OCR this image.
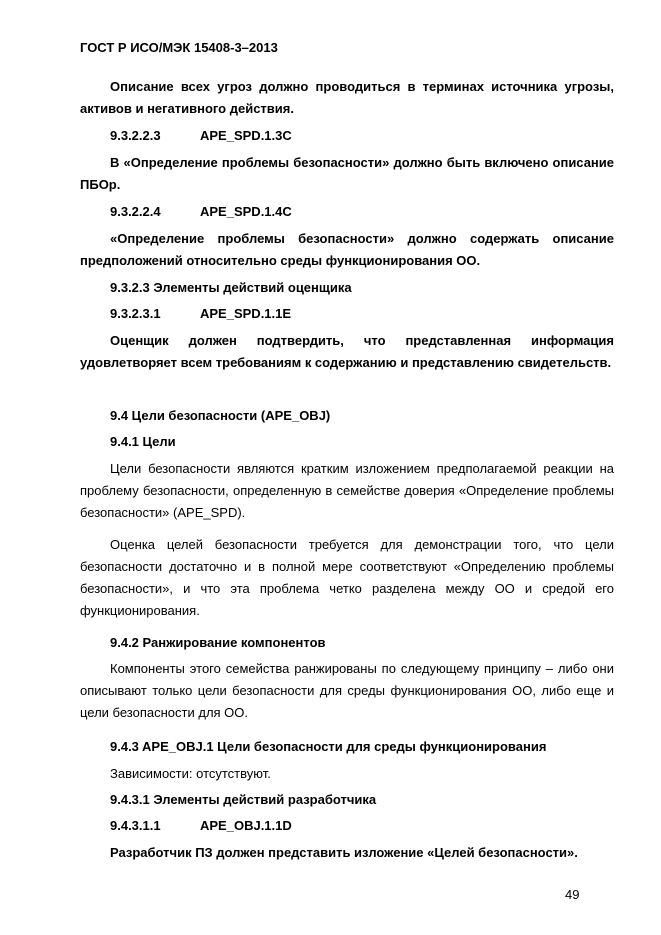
ГОСТ Р ИСО/МЭК 15408-3–2013
Описание всех угроз должно проводиться в терминах источника угрозы, активов и негативного действия.
9.3.2.2.3	APE_SPD.1.3C
В «Определение проблемы безопасности» должно быть включено описание ПБОр.
9.3.2.2.4	APE_SPD.1.4C
«Определение проблемы безопасности» должно содержать описание предположений относительно среды функционирования ОО.
9.3.2.3 Элементы действий оценщика
9.3.2.3.1	APE_SPD.1.1E
Оценщик должен подтвердить, что представленная информация удовлетворяет всем требованиям к содержанию и представлению свидетельств.
9.4 Цели безопасности (APE_OBJ)
9.4.1 Цели
Цели безопасности являются кратким изложением предполагаемой реакции на проблему безопасности, определенную в семействе доверия «Определение проблемы безопасности» (APE_SPD).
Оценка целей безопасности требуется для демонстрации того, что цели безопасности достаточно и в полной мере соответствуют «Определению проблемы безопасности», и что эта проблема четко разделена между ОО и средой его функционирования.
9.4.2 Ранжирование компонентов
Компоненты этого семейства ранжированы по следующему принципу – либо они описывают только цели безопасности для среды функционирования ОО, либо еще и цели безопасности для ОО.
9.4.3 APE_OBJ.1 Цели безопасности для среды функционирования
Зависимости: отсутствуют.
9.4.3.1 Элементы действий разработчика
9.4.3.1.1	APE_OBJ.1.1D
Разработчик ПЗ должен представить изложение «Целей безопасности».
49
